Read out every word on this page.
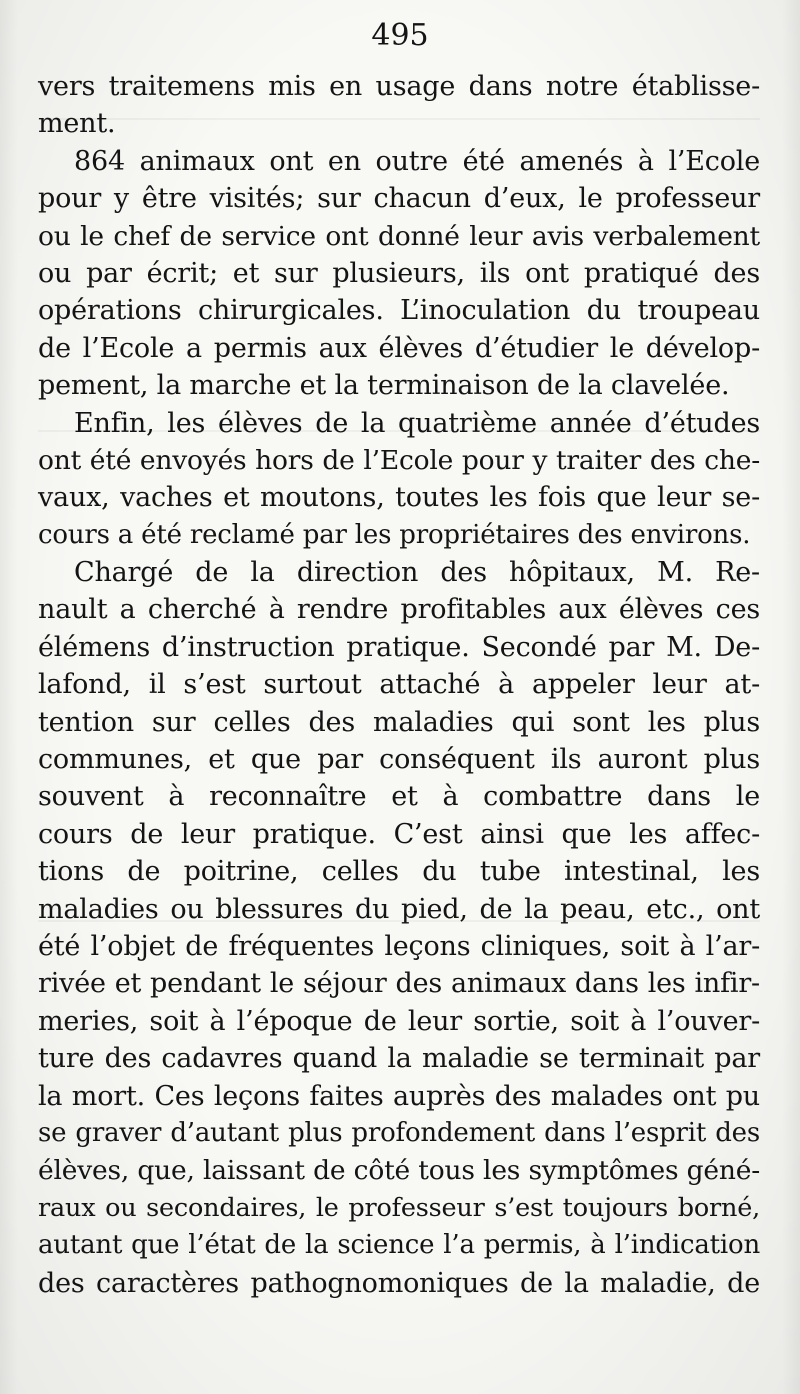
495
vers traitemens mis en usage dans notre établisse-
ment.
864 animaux ont en outre été amenés à l’Ecole
pour y être visités; sur chacun d’eux, le professeur
ou le chef de service ont donné leur avis verbalement
ou par écrit; et sur plusieurs, ils ont pratiqué des
opérations chirurgicales. L’inoculation du troupeau
de l’Ecole a permis aux élèves d’étudier le dévelop-
pement, la marche et la terminaison de la clavelée.
Enfin, les élèves de la quatrième année d’études
ont été envoyés hors de l’Ecole pour y traiter des che-
vaux, vaches et moutons, toutes les fois que leur se-
cours a été reclamé par les propriétaires des environs.
Chargé de la direction des hôpitaux, M. Re-
nault a cherché à rendre profitables aux élèves ces
élémens d’instruction pratique. Secondé par M. De-
lafond, il s’est surtout attaché à appeler leur at-
tention sur celles des maladies qui sont les plus
communes, et que par conséquent ils auront plus
souvent à reconnaître et à combattre dans le
cours de leur pratique. C’est ainsi que les affec-
tions de poitrine, celles du tube intestinal, les
maladies ou blessures du pied, de la peau, etc., ont
été l’objet de fréquentes leçons cliniques, soit à l’ar-
rivée et pendant le séjour des animaux dans les infir-
meries, soit à l’époque de leur sortie, soit à l’ouver-
ture des cadavres quand la maladie se terminait par
la mort. Ces leçons faites auprès des malades ont pu
se graver d’autant plus profondement dans l’esprit des
élèves, que, laissant de côté tous les symptômes géné-
raux ou secondaires, le professeur s’est toujours borné,
autant que l’état de la science l’a permis, à l’indication
des caractères pathognomoniques de la maladie, de
